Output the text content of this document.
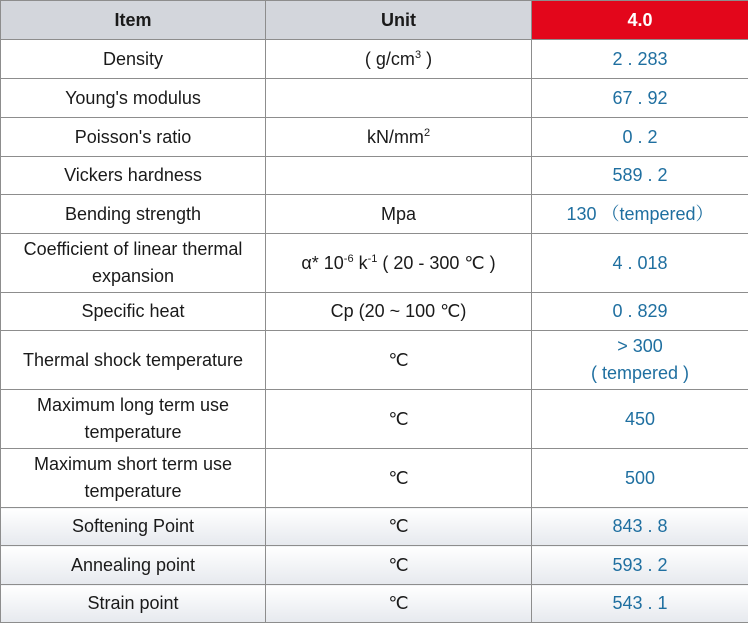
Item	Unit	4.0
Density	( $g/cm^3$ )	2 . 283
Young's modulus		67 . 92
Poisson's ratio	$kN/mm^2$	0 . 2
Vickers hardness		589 . 2
Bending strength	Mpa	130 （tempered）
Coefficient of linear thermal expansion	α* $10^{-6}$ $k^{-1}$ ( 20 - 300 ℃ )	4 . 018
Specific heat	Cp (20 ~ 100 ℃)	0 . 829
Thermal shock temperature	℃	> 300
( tempered )

Maximum long term use temperature	℃	450
Maximum short term use temperature	℃	500
Softening Point	℃	843 . 8
Annealing point	℃	593 . 2
Strain point	℃	543 . 1
